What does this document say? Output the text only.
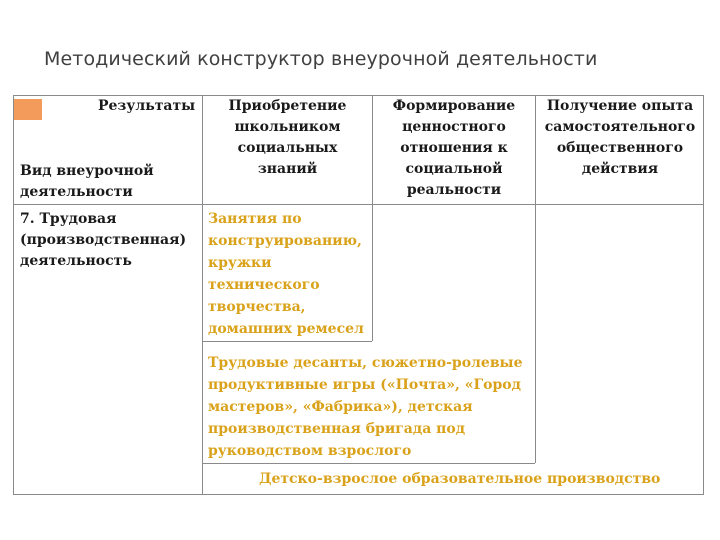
Методический конструктор внеурочной деятельности
Результаты
Вид внеурочной
деятельности
Приобретение
школьником
социальных
знаний
Формирование
ценностного
отношения к
социальной
реальности
Получение опыта
самостоятельного
общественного
действия
7. Трудовая
(производственная)
деятельность
Занятия по
конструированию,
кружки
технического
творчества,
домашних ремесел
Трудовые десанты, сюжетно-ролевые
продуктивные игры («Почта», «Город
мастеров», «Фабрика»), детская
производственная бригада под
руководством взрослого
Детско-взрослое образовательное производство
